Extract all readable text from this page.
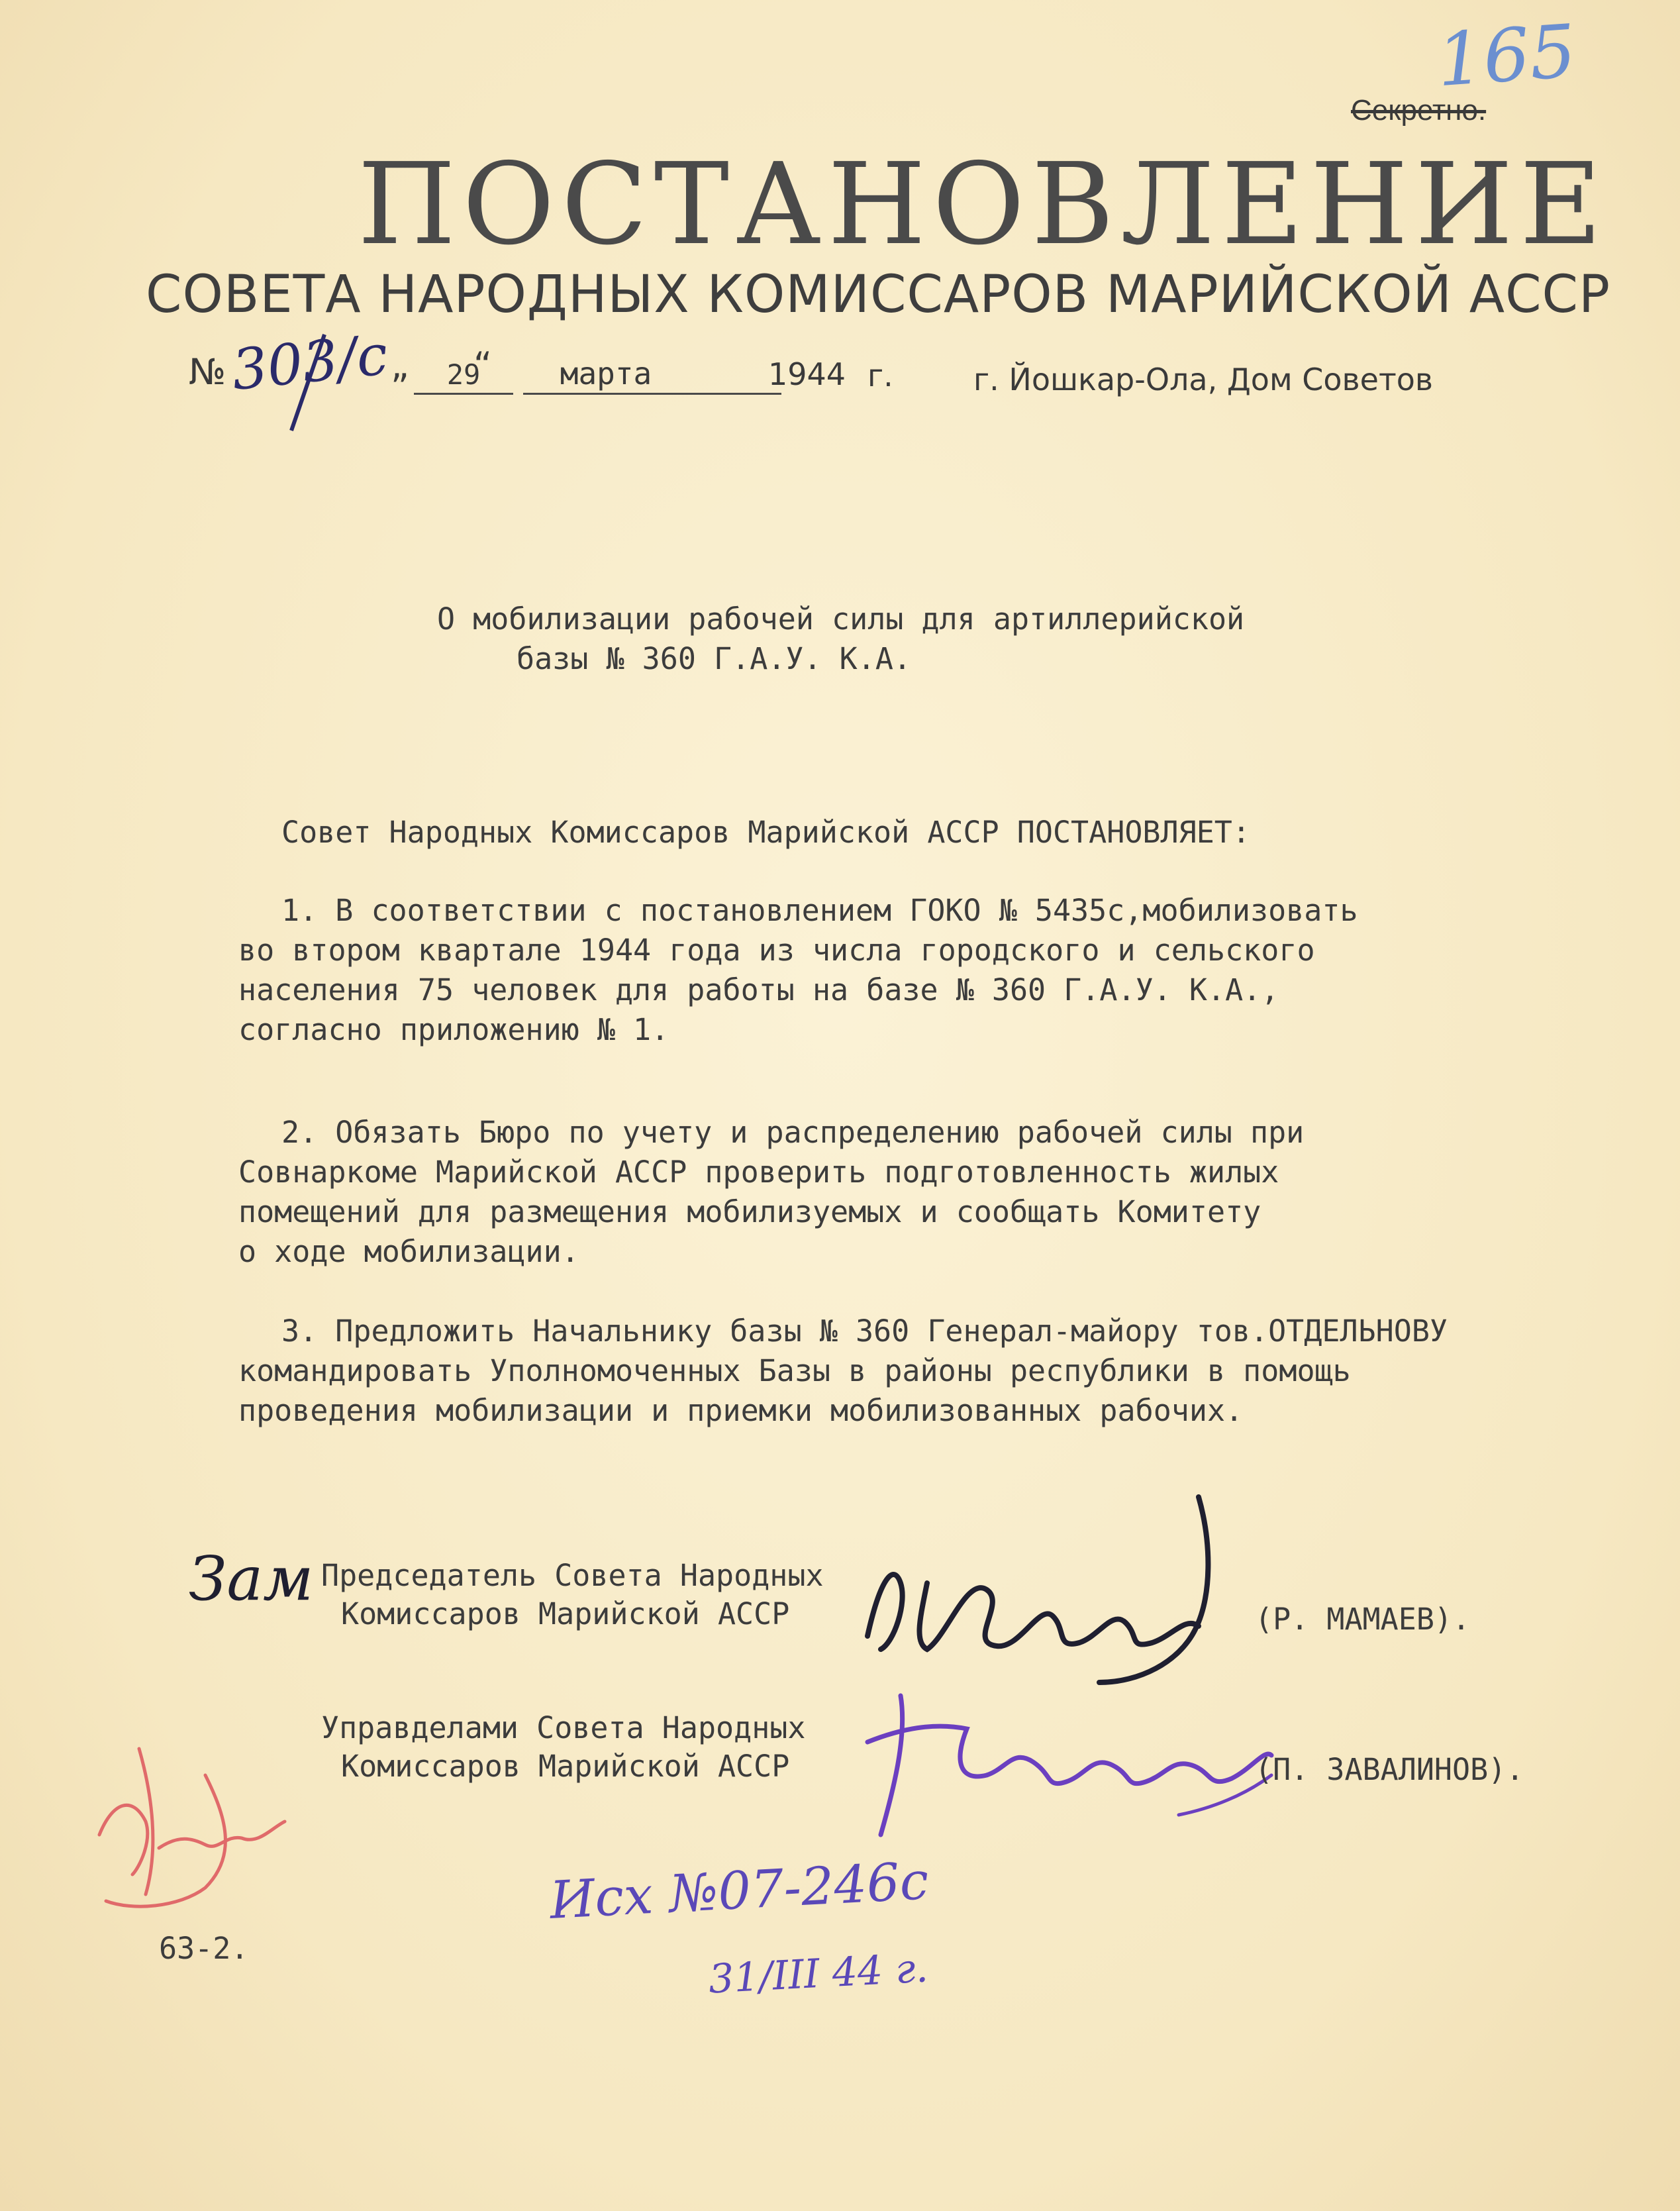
165
Секретно.
ПОСТАНОВЛЕНИЕ
СОВЕТА НАРОДНЫХ КОМИССАРОВ МАРИЙСКОЙ АССР
№ 303/с „	29
“	марта	1944 г.	г. Йошкар-Ола, Дом Советов
О мобилизации рабочей силы для артиллерийской
базы № 360 Г.А.У. К.А.
Совет Народных Комиссаров Марийской АССР ПОСТАНОВЛЯЕТ:
1. В соответствии с постановлением ГОКО № 5435с,мобилизовать
во втором квартале 1944 года из числа городского и сельского
населения 75 человек для работы на базе № 360 Г.А.У. К.А.,
согласно приложению № 1.
2. Обязать Бюро по учету и распределению рабочей силы при
Совнаркоме Марийской АССР проверить подготовленность жилых
помещений для размещения мобилизуемых и сообщать Комитету
о ходе мобилизации.
3. Предложить Начальнику базы № 360 Генерал-майору тов.ОТДЕЛЬНОВУ
командировать Уполномоченных Базы в районы республики в помощь
проведения мобилизации и приемки мобилизованных рабочих.
Зам Председатель Совета Народных
Комиссаров Марийской АССР	(Р. МАМАЕВ).
Управделами Совета Народных
Комиссаров Марийской АССР	(П. ЗАВАЛИНОВ).
63-2.
Исх №07-246с
31/III 44 г.
